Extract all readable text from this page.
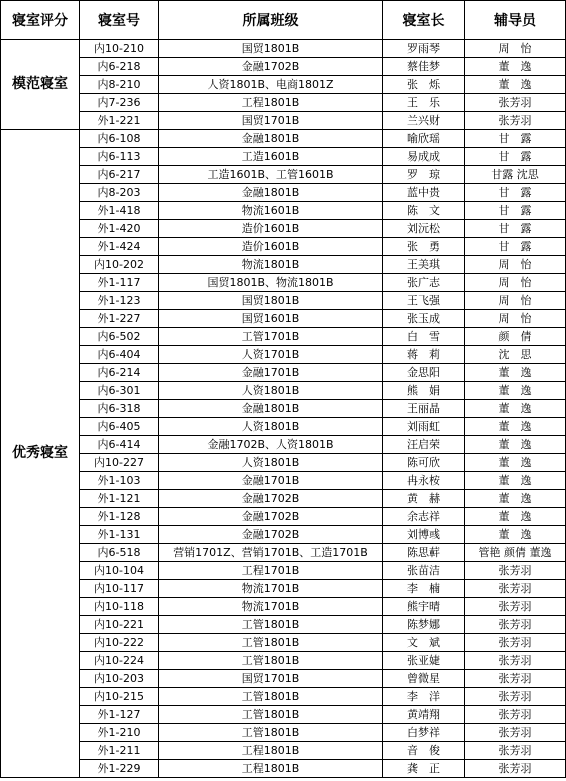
寝室评分	寝室号	所属班级	寝室长	辅导员
模范寝室	内10-210	国贸1801B	罗雨琴	周　怡
	内6-218	金融1702B	蔡佳梦	董　逸
	内8-210	人资1801B、电商1801Z	张　烁	董　逸
	内7-236	工程1801B	王　乐	张芳羽
	外1-221	国贸1701B	兰兴财	张芳羽
优秀寝室	内6-108	金融1801B	喻欣瑶	甘　露
	内6-113	工造1601B	易成成	甘　露
	内6-217	工造1601B、工管1601B	罗　琼	甘露 沈思
	内8-203	金融1801B	蓝中贵	甘　露
	外1-418	物流1601B	陈　文	甘　露
	外1-420	造价1601B	刘沅松	甘　露
	外1-424	造价1601B	张　勇	甘　露
	内10-202	物流1801B	王美琪	周　怡
	外1-117	国贸1801B、物流1801B	张广志	周　怡
	外1-123	国贸1801B	王飞强	周　怡
	外1-227	国贸1601B	张玉成	周　怡
	内6-502	工管1701B	白　雪	颜　倩
	内6-404	人资1701B	蒋　莉	沈　思
	内6-214	金融1701B	金思阳	董　逸
	内6-301	人资1801B	熊　娟	董　逸
	内6-318	金融1801B	王丽晶	董　逸
	内6-405	人资1801B	刘雨虹	董　逸
	内6-414	金融1702B、人资1801B	汪启荣	董　逸
	内10-227	人资1801B	陈可欣	董　逸
	外1-103	金融1701B	冉永桉	董　逸
	外1-121	金融1702B	黄　赫	董　逸
	外1-128	金融1702B	余志祥	董　逸
	外1-131	金融1702B	刘博彧	董　逸
	内6-518	营销1701Z、营销1701B、工造1701B	陈思蓒	管艳 颜倩 董逸
	内10-104	工程1701B	张苗洁	张芳羽
	内10-117	物流1701B	李　楠	张芳羽
	内10-118	物流1701B	熊宇晴	张芳羽
	内10-221	工管1801B	陈梦娜	张芳羽
	内10-222	工管1801B	文　斌	张芳羽
	内10-224	工管1801B	张亚婕	张芳羽
	内10-203	国贸1701B	曾微星	张芳羽
	内10-215	工管1801B	李　洋	张芳羽
	外1-127	工管1801B	黄靖翔	张芳羽
	外1-210	工管1801B	白梦祥	张芳羽
	外1-211	工程1801B	音　俊	张芳羽
	外1-229	工程1801B	龚　正	张芳羽
